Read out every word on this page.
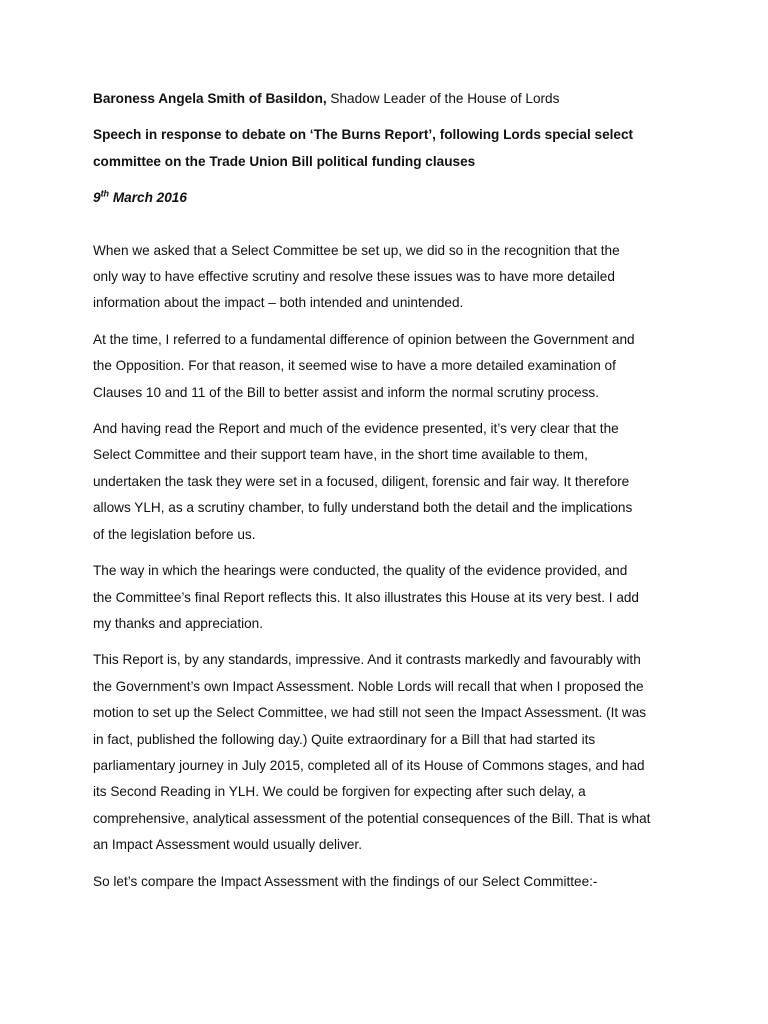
Baroness Angela Smith of Basildon, Shadow Leader of the House of Lords

Speech in response to debate on ‘The Burns Report’, following Lords special select

committee on the Trade Union Bill political funding clauses

9th March 2016

When we asked that a Select Committee be set up, we did so in the recognition that the

only way to have effective scrutiny and resolve these issues was to have more detailed

information about the impact – both intended and unintended.

At the time, I referred to a fundamental difference of opinion between the Government and

the Opposition. For that reason, it seemed wise to have a more detailed examination of

Clauses 10 and 11 of the Bill to better assist and inform the normal scrutiny process.

And having read the Report and much of the evidence presented, it’s very clear that the

Select Committee and their support team have, in the short time available to them,

undertaken the task they were set in a focused, diligent, forensic and fair way. It therefore

allows YLH, as a scrutiny chamber, to fully understand both the detail and the implications

of the legislation before us.

The way in which the hearings were conducted, the quality of the evidence provided, and

the Committee’s final Report reflects this. It also illustrates this House at its very best. I add

my thanks and appreciation.

This Report is, by any standards, impressive. And it contrasts markedly and favourably with

the Government’s own Impact Assessment. Noble Lords will recall that when I proposed the

motion to set up the Select Committee, we had still not seen the Impact Assessment. (It was

in fact, published the following day.) Quite extraordinary for a Bill that had started its

parliamentary journey in July 2015, completed all of its House of Commons stages, and had

its Second Reading in YLH. We could be forgiven for expecting after such delay, a

comprehensive, analytical assessment of the potential consequences of the Bill. That is what

an Impact Assessment would usually deliver.

So let’s compare the Impact Assessment with the findings of our Select Committee:-
